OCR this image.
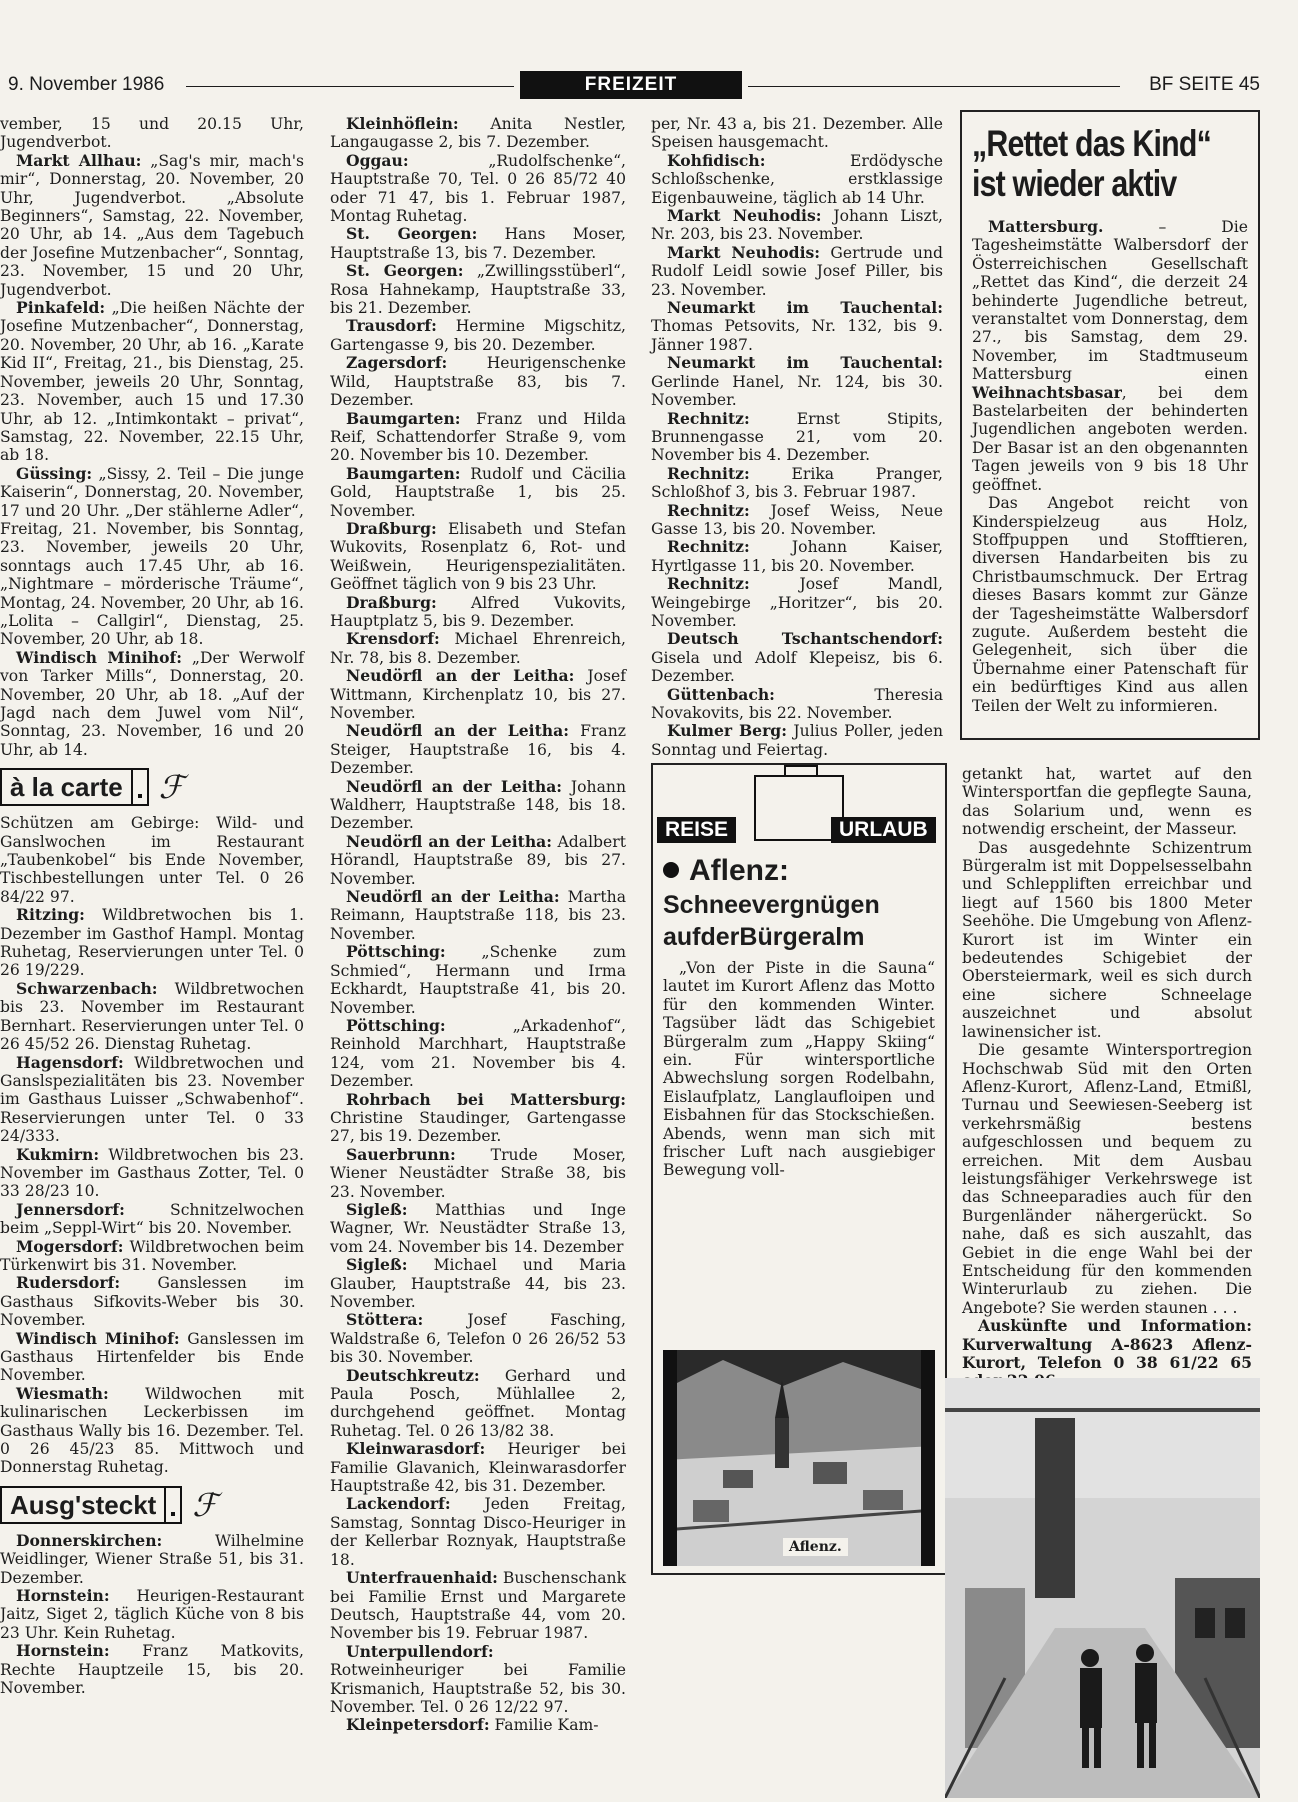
9. November 1986	FREIZEIT	BF SEITE 45

vember, 15 und 20.15 Uhr, Jugendverbot.

Markt Allhau: „Sag's mir, mach's mir“, Donnerstag, 20. November, 20 Uhr, Jugendverbot. „Absolute Beginners“, Samstag, 22. November, 20 Uhr, ab 14. „Aus dem Tagebuch der Josefine Mutzenbacher“, Sonntag, 23. November, 15 und 20 Uhr, Jugendverbot.

Pinkafeld: „Die heißen Nächte der Josefine Mutzenbacher“, Donnerstag, 20. November, 20 Uhr, ab 16. „Karate Kid II“, Freitag, 21., bis Dienstag, 25. November, jeweils 20 Uhr, Sonntag, 23. November, auch 15 und 17.30 Uhr, ab 12. „Intimkontakt – privat“, Samstag, 22. November, 22.15 Uhr, ab 18.

Güssing: „Sissy, 2. Teil – Die junge Kaiserin“, Donnerstag, 20. November, 17 und 20 Uhr. „Der stählerne Adler“, Freitag, 21. November, bis Sonntag, 23. November, jeweils 20 Uhr, sonntags auch 17.45 Uhr, ab 16. „Nightmare – mörderische Träume“, Montag, 24. November, 20 Uhr, ab 16. „Lolita – Callgirl“, Dienstag, 25. November, 20 Uhr, ab 18.

Windisch Minihof: „Der Werwolf von Tarker Mills“, Donnerstag, 20. November, 20 Uhr, ab 18. „Auf der Jagd nach dem Juwel vom Nil“, Sonntag, 23. November, 16 und 20 Uhr, ab 14.

à la carte	ℱ

Schützen am Gebirge: Wild- und Ganslwochen im Restaurant „Taubenkobel“ bis Ende November, Tischbestellungen unter Tel. 0 26 84/22 97.

Ritzing: Wildbretwochen bis 1. Dezember im Gasthof Hampl. Montag Ruhetag, Reservierungen unter Tel. 0 26 19/229.

Schwarzenbach: Wildbretwochen bis 23. November im Restaurant Bernhart. Reservierungen unter Tel. 0 26 45/52 26. Dienstag Ruhetag.

Hagensdorf: Wildbretwochen und Ganslspezialitäten bis 23. November im Gasthaus Luisser „Schwabenhof“. Reservierungen unter Tel. 0 33 24/333.

Kukmirn: Wildbretwochen bis 23. November im Gasthaus Zotter, Tel. 0 33 28/23 10.

Jennersdorf: Schnitzelwochen beim „Seppl-Wirt“ bis 20. November.

Mogersdorf: Wildbretwochen beim Türkenwirt bis 31. November.

Rudersdorf: Ganslessen im Gasthaus Sifkovits-Weber bis 30. November.

Windisch Minihof: Ganslessen im Gasthaus Hirtenfelder bis Ende November.

Wiesmath: Wildwochen mit kulinarischen Leckerbissen im Gasthaus Wally bis 16. Dezember. Tel. 0 26 45/23 85. Mittwoch und Donnerstag Ruhetag.

Ausg'steckt	ℱ

Donnerskirchen: Wilhelmine Weidlinger, Wiener Straße 51, bis 31. Dezember.

Hornstein: Heurigen-Restaurant Jaitz, Siget 2, täglich Küche von 8 bis 23 Uhr. Kein Ruhetag.

Hornstein: Franz Matkovits, Rechte Hauptzeile 15, bis 20. November.

Kleinhöflein: Anita Nestler, Langaugasse 2, bis 7. Dezember.

Oggau: „Rudolfschenke“, Hauptstraße 70, Tel. 0 26 85/72 40 oder 71 47, bis 1. Februar 1987, Montag Ruhetag.

St. Georgen: Hans Moser, Hauptstraße 13, bis 7. Dezember.

St. Georgen: „Zwillingsstüberl“, Rosa Hahnekamp, Hauptstraße 33, bis 21. Dezember.

Trausdorf: Hermine Migschitz, Gartengasse 9, bis 20. Dezember.

Zagersdorf: Heurigenschenke Wild, Hauptstraße 83, bis 7. Dezember.

Baumgarten: Franz und Hilda Reif, Schattendorfer Straße 9, vom 20. November bis 10. Dezember.

Baumgarten: Rudolf und Cäcilia Gold, Hauptstraße 1, bis 25. November.

Draßburg: Elisabeth und Stefan Wukovits, Rosenplatz 6, Rot- und Weißwein, Heurigenspezialitäten. Geöffnet täglich von 9 bis 23 Uhr.

Draßburg: Alfred Vukovits, Hauptplatz 5, bis 9. Dezember.

Krensdorf: Michael Ehrenreich, Nr. 78, bis 8. Dezember.

Neudörfl an der Leitha: Josef Wittmann, Kirchenplatz 10, bis 27. November.

Neudörfl an der Leitha: Franz Steiger, Hauptstraße 16, bis 4. Dezember.

Neudörfl an der Leitha: Johann Waldherr, Hauptstraße 148, bis 18. Dezember.

Neudörfl an der Leitha: Adalbert Hörandl, Hauptstraße 89, bis 27. November.

Neudörfl an der Leitha: Martha Reimann, Hauptstraße 118, bis 23. November.

Pöttsching: „Schenke zum Schmied“, Hermann und Irma Eckhardt, Hauptstraße 41, bis 20. November.

Pöttsching: „Arkadenhof“, Reinhold Marchhart, Hauptstraße 124, vom 21. November bis 4. Dezember.

Rohrbach bei Mattersburg: Christine Staudinger, Gartengasse 27, bis 19. Dezember.

Sauerbrunn: Trude Moser, Wiener Neustädter Straße 38, bis 23. November.

Sigleß: Matthias und Inge Wagner, Wr. Neustädter Straße 13, vom 24. November bis 14. Dezember

Sigleß: Michael und Maria Glauber, Hauptstraße 44, bis 23. November.

Stöttera: Josef Fasching, Waldstraße 6, Telefon 0 26 26/52 53 bis 30. November.

Deutschkreutz: Gerhard und Paula Posch, Mühlallee 2, durchgehend geöffnet. Montag Ruhetag. Tel. 0 26 13/82 38.

Kleinwarasdorf: Heuriger bei Familie Glavanich, Kleinwarasdorfer Hauptstraße 42, bis 31. Dezember.

Lackendorf: Jeden Freitag, Samstag, Sonntag Disco-Heuriger in der Kellerbar Roznyak, Hauptstraße 18.

Unterfrauenhaid: Buschenschank bei Familie Ernst und Margarete Deutsch, Hauptstraße 44, vom 20. November bis 19. Februar 1987.

Unterpullendorf: Rotweinheuriger bei Familie Krismanich, Hauptstraße 52, bis 30. November. Tel. 0 26 12/22 97.

Kleinpetersdorf: Familie Kam-

per, Nr. 43 a, bis 21. Dezember. Alle Speisen hausgemacht.

Kohfidisch: Erdödysche Schloßschenke, erstklassige Eigenbauweine, täglich ab 14 Uhr.

Markt Neuhodis: Johann Liszt, Nr. 203, bis 23. November.

Markt Neuhodis: Gertrude und Rudolf Leidl sowie Josef Piller, bis 23. November.

Neumarkt im Tauchental: Thomas Petsovits, Nr. 132, bis 9. Jänner 1987.

Neumarkt im Tauchental: Gerlinde Hanel, Nr. 124, bis 30. November.

Rechnitz: Ernst Stipits, Brunnengasse 21, vom 20. November bis 4. Dezember.

Rechnitz: Erika Pranger, Schloßhof 3, bis 3. Februar 1987.

Rechnitz: Josef Weiss, Neue Gasse 13, bis 20. November.

Rechnitz: Johann Kaiser, Hyrtlgasse 11, bis 20. November.

Rechnitz: Josef Mandl, Weingebirge „Horitzer“, bis 20. November.

Deutsch Tschantschendorf: Gisela und Adolf Klepeisz, bis 6. Dezember.

Güttenbach: Theresia Novakovits, bis 22. November.

Kulmer Berg: Julius Poller, jeden Sonntag und Feiertag.

„Rettet das Kind“ ist wieder aktiv

Mattersburg. – Die Tagesheimstätte Walbersdorf der Österreichischen Gesellschaft „Rettet das Kind“, die derzeit 24 behinderte Jugendliche betreut, veranstaltet vom Donnerstag, dem 27., bis Samstag, dem 29. November, im Stadtmuseum Mattersburg einen Weihnachtsbasar, bei dem Bastelarbeiten der behinderten Jugendlichen angeboten werden. Der Basar ist an den obgenannten Tagen jeweils von 9 bis 18 Uhr geöffnet.

Das Angebot reicht von Kinderspielzeug aus Holz, Stoffpuppen und Stofftieren, diversen Handarbeiten bis zu Christbaumschmuck. Der Ertrag dieses Basars kommt zur Gänze der Tagesheimstätte Walbersdorf zugute. Außerdem besteht die Gelegenheit, sich über die Übernahme einer Patenschaft für ein bedürftiges Kind aus allen Teilen der Welt zu informieren.

REISE	URLAUB
Aflenz:
Schneevergnügen aufderBürgeralm

„Von der Piste in die Sauna“ lautet im Kurort Aflenz das Motto für den kommenden Winter. Tagsüber lädt das Schigebiet Bürgeralm zum „Happy Skiing“ ein. Für wintersportliche Abwechslung sorgen Rodelbahn, Eislaufplatz, Langlaufloipen und Eisbahnen für das Stockschießen. Abends, wenn man sich mit frischer Luft nach ausgiebiger Bewegung voll-

Aflenz.

getankt hat, wartet auf den Wintersportfan die gepflegte Sauna, das Solarium und, wenn es notwendig erscheint, der Masseur.

Das ausgedehnte Schizentrum Bürgeralm ist mit Doppelsesselbahn und Schleppliften erreichbar und liegt auf 1560 bis 1800 Meter Seehöhe. Die Umgebung von Aflenz-Kurort ist im Winter ein bedeutendes Schigebiet der Obersteiermark, weil es sich durch eine sichere Schneelage auszeichnet und absolut lawinensicher ist.

Die gesamte Wintersportregion Hochschwab Süd mit den Orten Aflenz-Kurort, Aflenz-Land, Etmißl, Turnau und Seewiesen-Seeberg ist verkehrsmäßig bestens aufgeschlossen und bequem zu erreichen. Mit dem Ausbau leistungsfähiger Verkehrswege ist das Schneeparadies auch für den Burgenländer nähergerückt. So nahe, daß es sich auszahlt, das Gebiet in die enge Wahl bei der Entscheidung für den kommenden Winterurlaub zu ziehen. Die Angebote? Sie werden staunen . . .

Auskünfte und Information: Kurverwaltung A-8623 Aflenz-Kurort, Telefon 0 38 61/22 65
